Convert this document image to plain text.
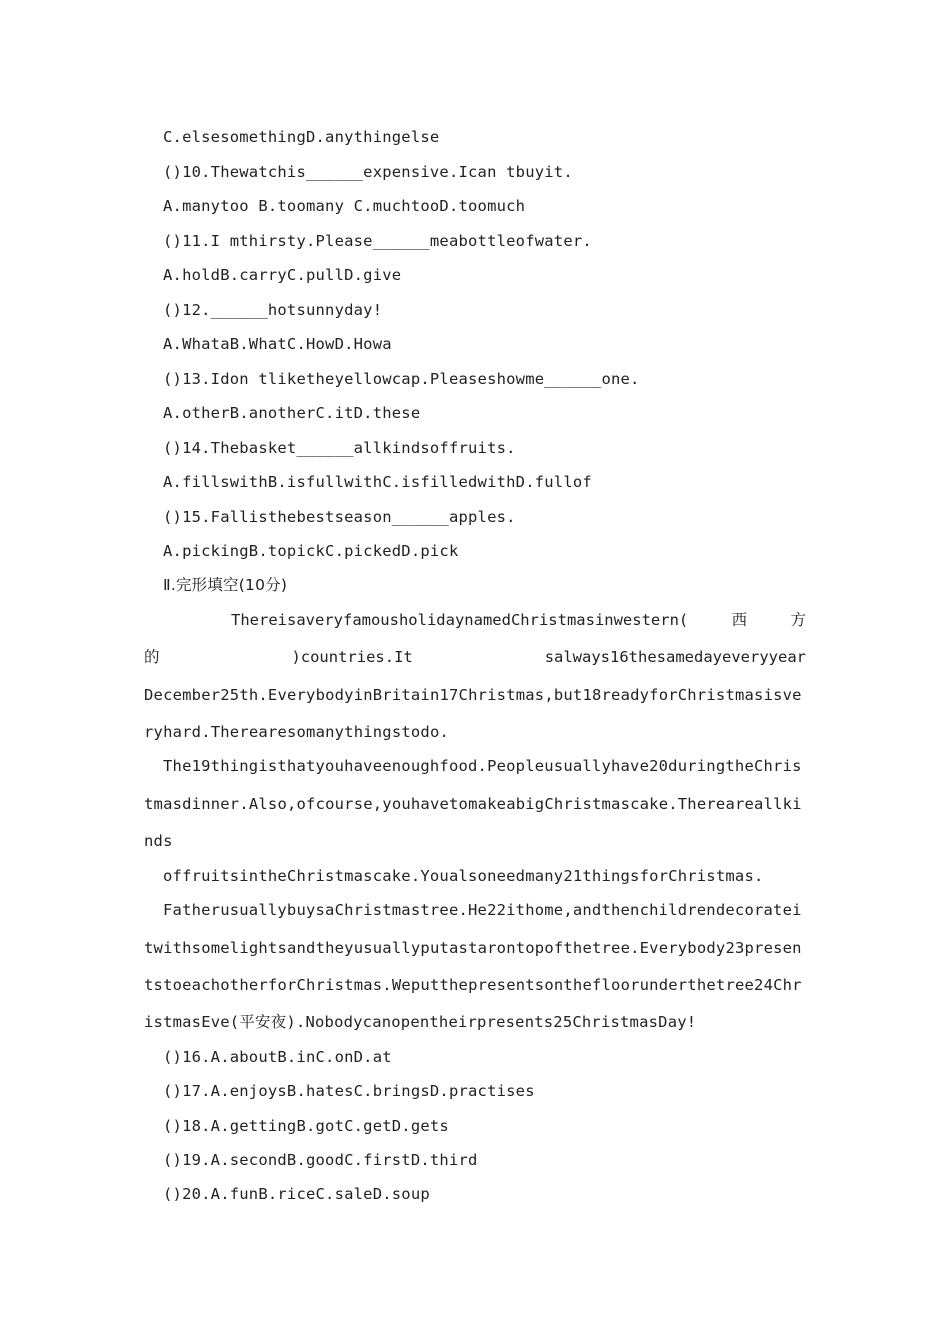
C.elsesomethingD.anythingelse
()10.Thewatchis______expensive.Ican tbuyit.
A.manytoo B.toomany C.muchtooD.toomuch
()11.I mthirsty.Please______meabottleofwater.
A.holdB.carryC.pullD.give
()12.______hotsunnyday!
A.WhataB.WhatC.HowD.Howa
()13.Idon tliketheyellowcap.Pleaseshowme______one.
A.otherB.anotherC.itD.these
()14.Thebasket______allkindsoffruits.
A.fillswithB.isfullwithC.isfilledwithD.fullof
()15.Fallisthebestseason______apples.
A.pickingB.topickC.pickedD.pick
Ⅱ.完形填空(10分)
ThereisaveryfamousholidaynamedChristmasinwestern(	西	方
的	)countries.It	salways16thesamedayeveryyear
December25th.EverybodyinBritain17Christmas,but18readyforChristmasisve
ryhard.Therearesomanythingstodo.
The19thingisthatyouhaveenoughfood.Peopleusuallyhave20duringtheChris
tmasdinner.Also,ofcourse,youhavetomakeabigChristmascake.Thereareallki
nds
offruitsintheChristmascake.Youalsoneedmany21thingsforChristmas.
FatherusuallybuysaChristmastree.He22ithome,andthenchildrendecoratei
twithsomelightsandtheyusuallyputastarontopofthetree.Everybody23presen
tstoeachotherforChristmas.Weputthepresentsonthefloorunderthetree24Chr
istmasEve(平安夜).Nobodycanopentheirpresents25ChristmasDay!
()16.A.aboutB.inC.onD.at
()17.A.enjoysB.hatesC.bringsD.practises
()18.A.gettingB.gotC.getD.gets
()19.A.secondB.goodC.firstD.third
()20.A.funB.riceC.saleD.soup
